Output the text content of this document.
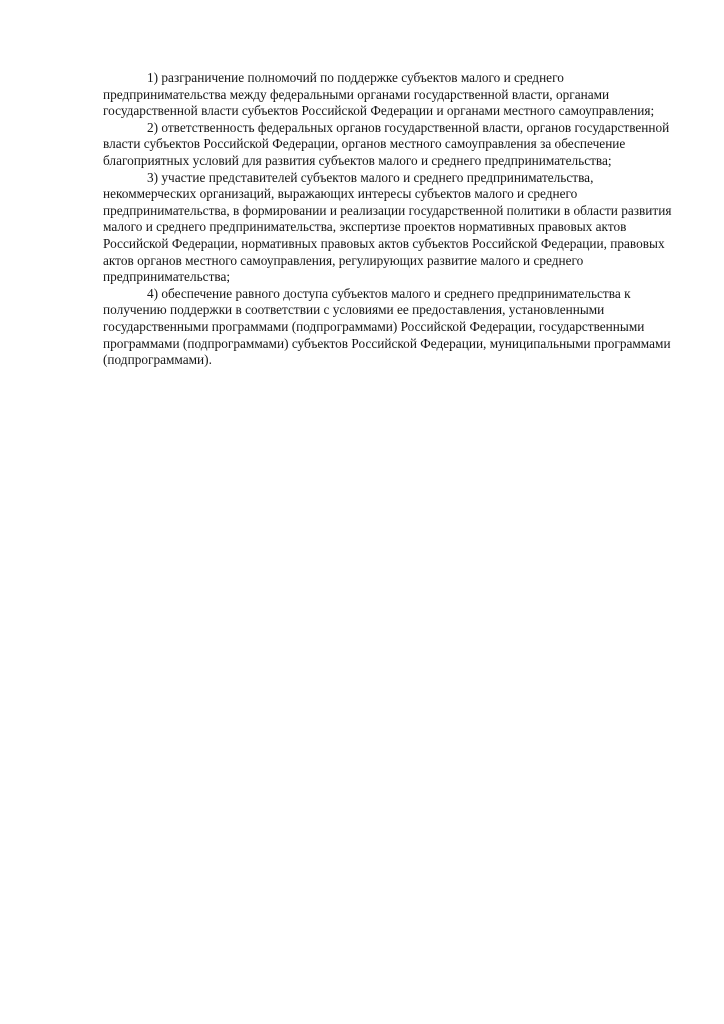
1) разграничение полномочий по поддержке субъектов малого и среднего предпринимательства между федеральными органами государственной власти, органами государственной власти субъектов Российской Федерации и органами местного самоуправления;

2) ответственность федеральных органов государственной власти, органов государственной власти субъектов Российской Федерации, органов местного самоуправления за обеспечение благоприятных условий для развития субъектов малого и среднего предпринимательства;

3) участие представителей субъектов малого и среднего предпринимательства, некоммерческих организаций, выражающих интересы субъектов малого и среднего предпринимательства, в формировании и реализации государственной политики в области развития малого и среднего предпринимательства, экспертизе проектов нормативных правовых актов Российской Федерации, нормативных правовых актов субъектов Российской Федерации, правовых актов органов местного самоуправления, регулирующих развитие малого и среднего предпринимательства;

4) обеспечение равного доступа субъектов малого и среднего предпринимательства к получению поддержки в соответствии с условиями ее предоставления, установленными государственными программами (подпрограммами) Российской Федерации, государственными программами (подпрограммами) субъектов Российской Федерации, муниципальными программами (подпрограммами).
